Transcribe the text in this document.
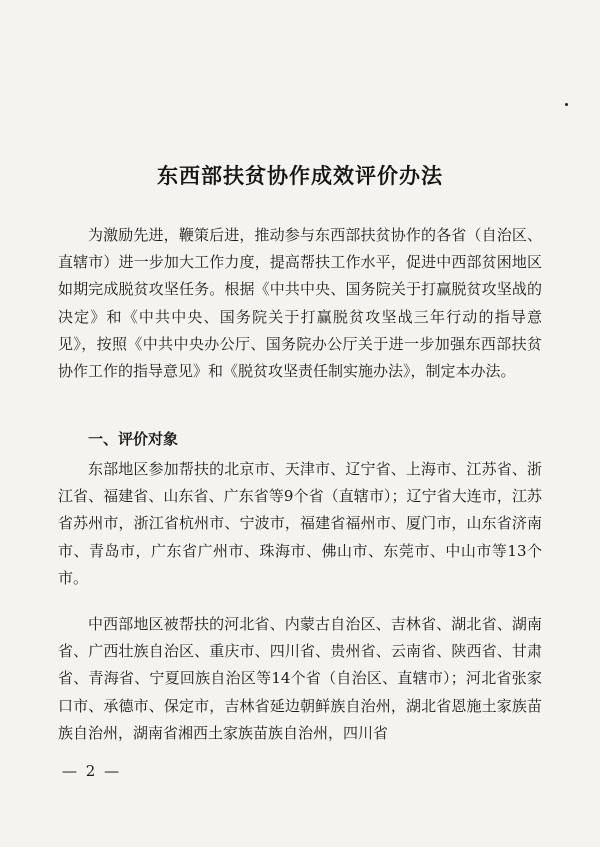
东西部扶贫协作成效评价办法

为激励先进，鞭策后进，推动参与东西部扶贫协作的各省（自治区、直辖市）进一步加大工作力度，提高帮扶工作水平，促进中西部贫困地区如期完成脱贫攻坚任务。根据《中共中央、国务院关于打赢脱贫攻坚战的决定》和《中共中央、国务院关于打赢脱贫攻坚战三年行动的指导意见》，按照《中共中央办公厅、国务院办公厅关于进一步加强东西部扶贫协作工作的指导意见》和《脱贫攻坚责任制实施办法》，制定本办法。

一、评价对象

东部地区参加帮扶的北京市、天津市、辽宁省、上海市、江苏省、浙江省、福建省、山东省、广东省等9个省（直辖市）；辽宁省大连市，江苏省苏州市，浙江省杭州市、宁波市，福建省福州市、厦门市，山东省济南市、青岛市，广东省广州市、珠海市、佛山市、东莞市、中山市等13个市。

中西部地区被帮扶的河北省、内蒙古自治区、吉林省、湖北省、湖南省、广西壮族自治区、重庆市、四川省、贵州省、云南省、陕西省、甘肃省、青海省、宁夏回族自治区等14个省（自治区、直辖市）；河北省张家口市、承德市、保定市，吉林省延边朝鲜族自治州，湖北省恩施土家族苗族自治州，湖南省湘西土家族苗族自治州，四川省

— 2 —
